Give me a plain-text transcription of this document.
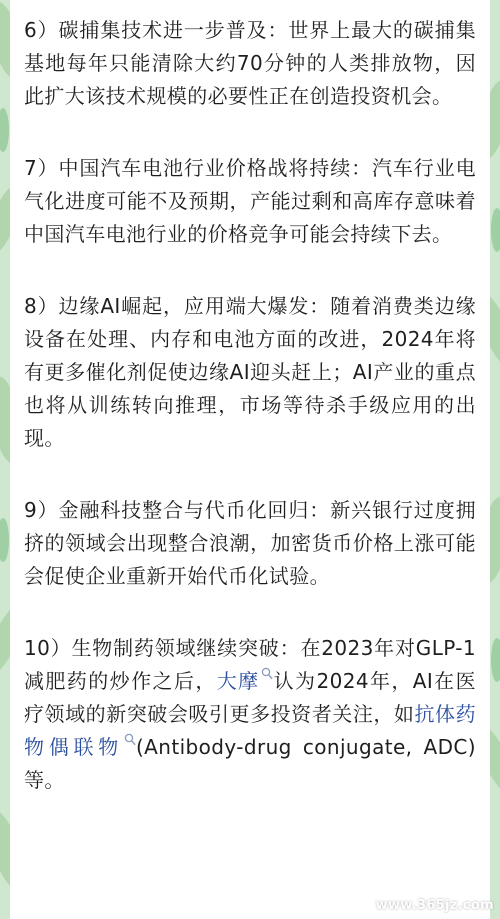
6）碳捕集技术进一步普及：世界上最大的碳捕集基地每年只能清除大约70分钟的人类排放物，因此扩大该技术规模的必要性正在创造投资机会。

7）中国汽车电池行业价格战将持续：汽车行业电气化进度可能不及预期，产能过剩和高库存意味着中国汽车电池行业的价格竞争可能会持续下去。

8）边缘AI崛起，应用端大爆发：随着消费类边缘设备在处理、内存和电池方面的改进，2024年将有更多催化剂促使边缘AI迎头赶上；AI产业的重点也将从训练转向推理，市场等待杀手级应用的出现。

9）金融科技整合与代币化回归：新兴银行过度拥挤的领域会出现整合浪潮，加密货币价格上涨可能会促使企业重新开始代币化试验。

10）生物制药领域继续突破：在2023年对GLP-1减肥药的炒作之后，大摩 认为2024年，AI在医疗领域的新突破会吸引更多投资者关注，如抗体药物偶联物 (Antibody-drug conjugate, ADC) 等。

www.365jz.com
